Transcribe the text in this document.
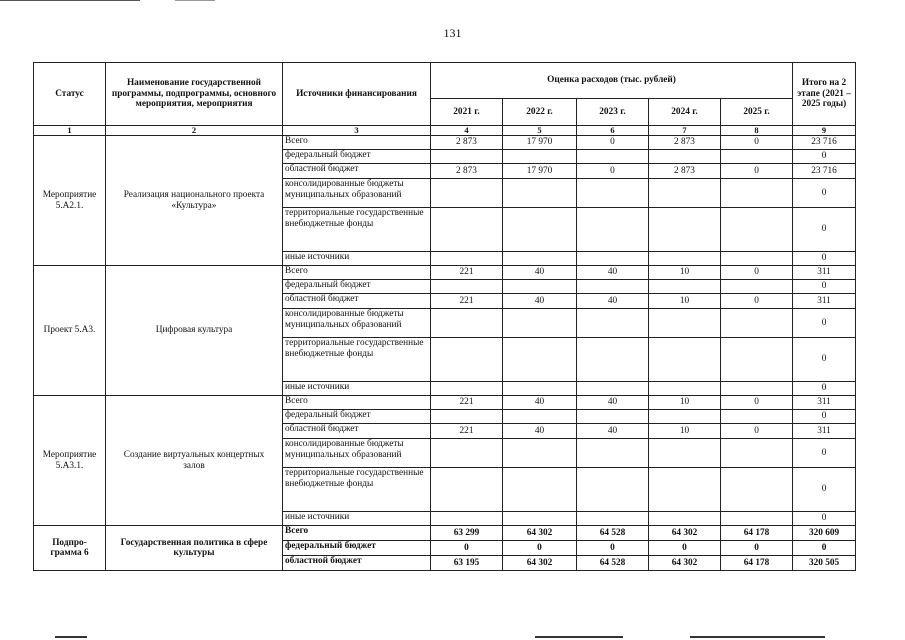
131
Статус	Наименование государственной программы, подпрограммы, основного мероприятия, мероприятия	Источники финансирования	Оценка расходов (тыс. рублей)					Итого на 2 этапе (2021 – 2025 годы)
			2021 г.	2022 г.	2023 г.	2024 г.	2025 г.	
1	2	3	4	5	6	7	8	9
Мероприятие 5.А2.1.	Реализация национального проекта «Культура»	Всего	2 873	17 970	0	2 873	0	23 716
		федеральный бюджет						0
		областной бюджет	2 873	17 970	0	2 873	0	23 716
		консолидированные бюджеты муниципальных образований						0
		территориальные государственные внебюджетные фонды						0
		иные источники						0
Проект 5.А3.	Цифровая культура	Всего	221	40	40	10	0	311
		федеральный бюджет						0
		областной бюджет	221	40	40	10	0	311
		консолидированные бюджеты муниципальных образований						0
		территориальные государственные внебюджетные фонды						0
		иные источники						0
Мероприятие 5.А3.1.	Создание виртуальных концертных залов	Всего	221	40	40	10	0	311
		федеральный бюджет						0
		областной бюджет	221	40	40	10	0	311
		консолидированные бюджеты муниципальных образований						0
		территориальные государственные внебюджетные фонды						0
		иные источники						0
Подпро- грамма 6	Государственная политика в сфере культуры	Всего	63 299	64 302	64 528	64 302	64 178	320 609
		федеральный бюджет	0	0	0	0	0	0
		областной бюджет	63 195	64 302	64 528	64 302	64 178	320 505
